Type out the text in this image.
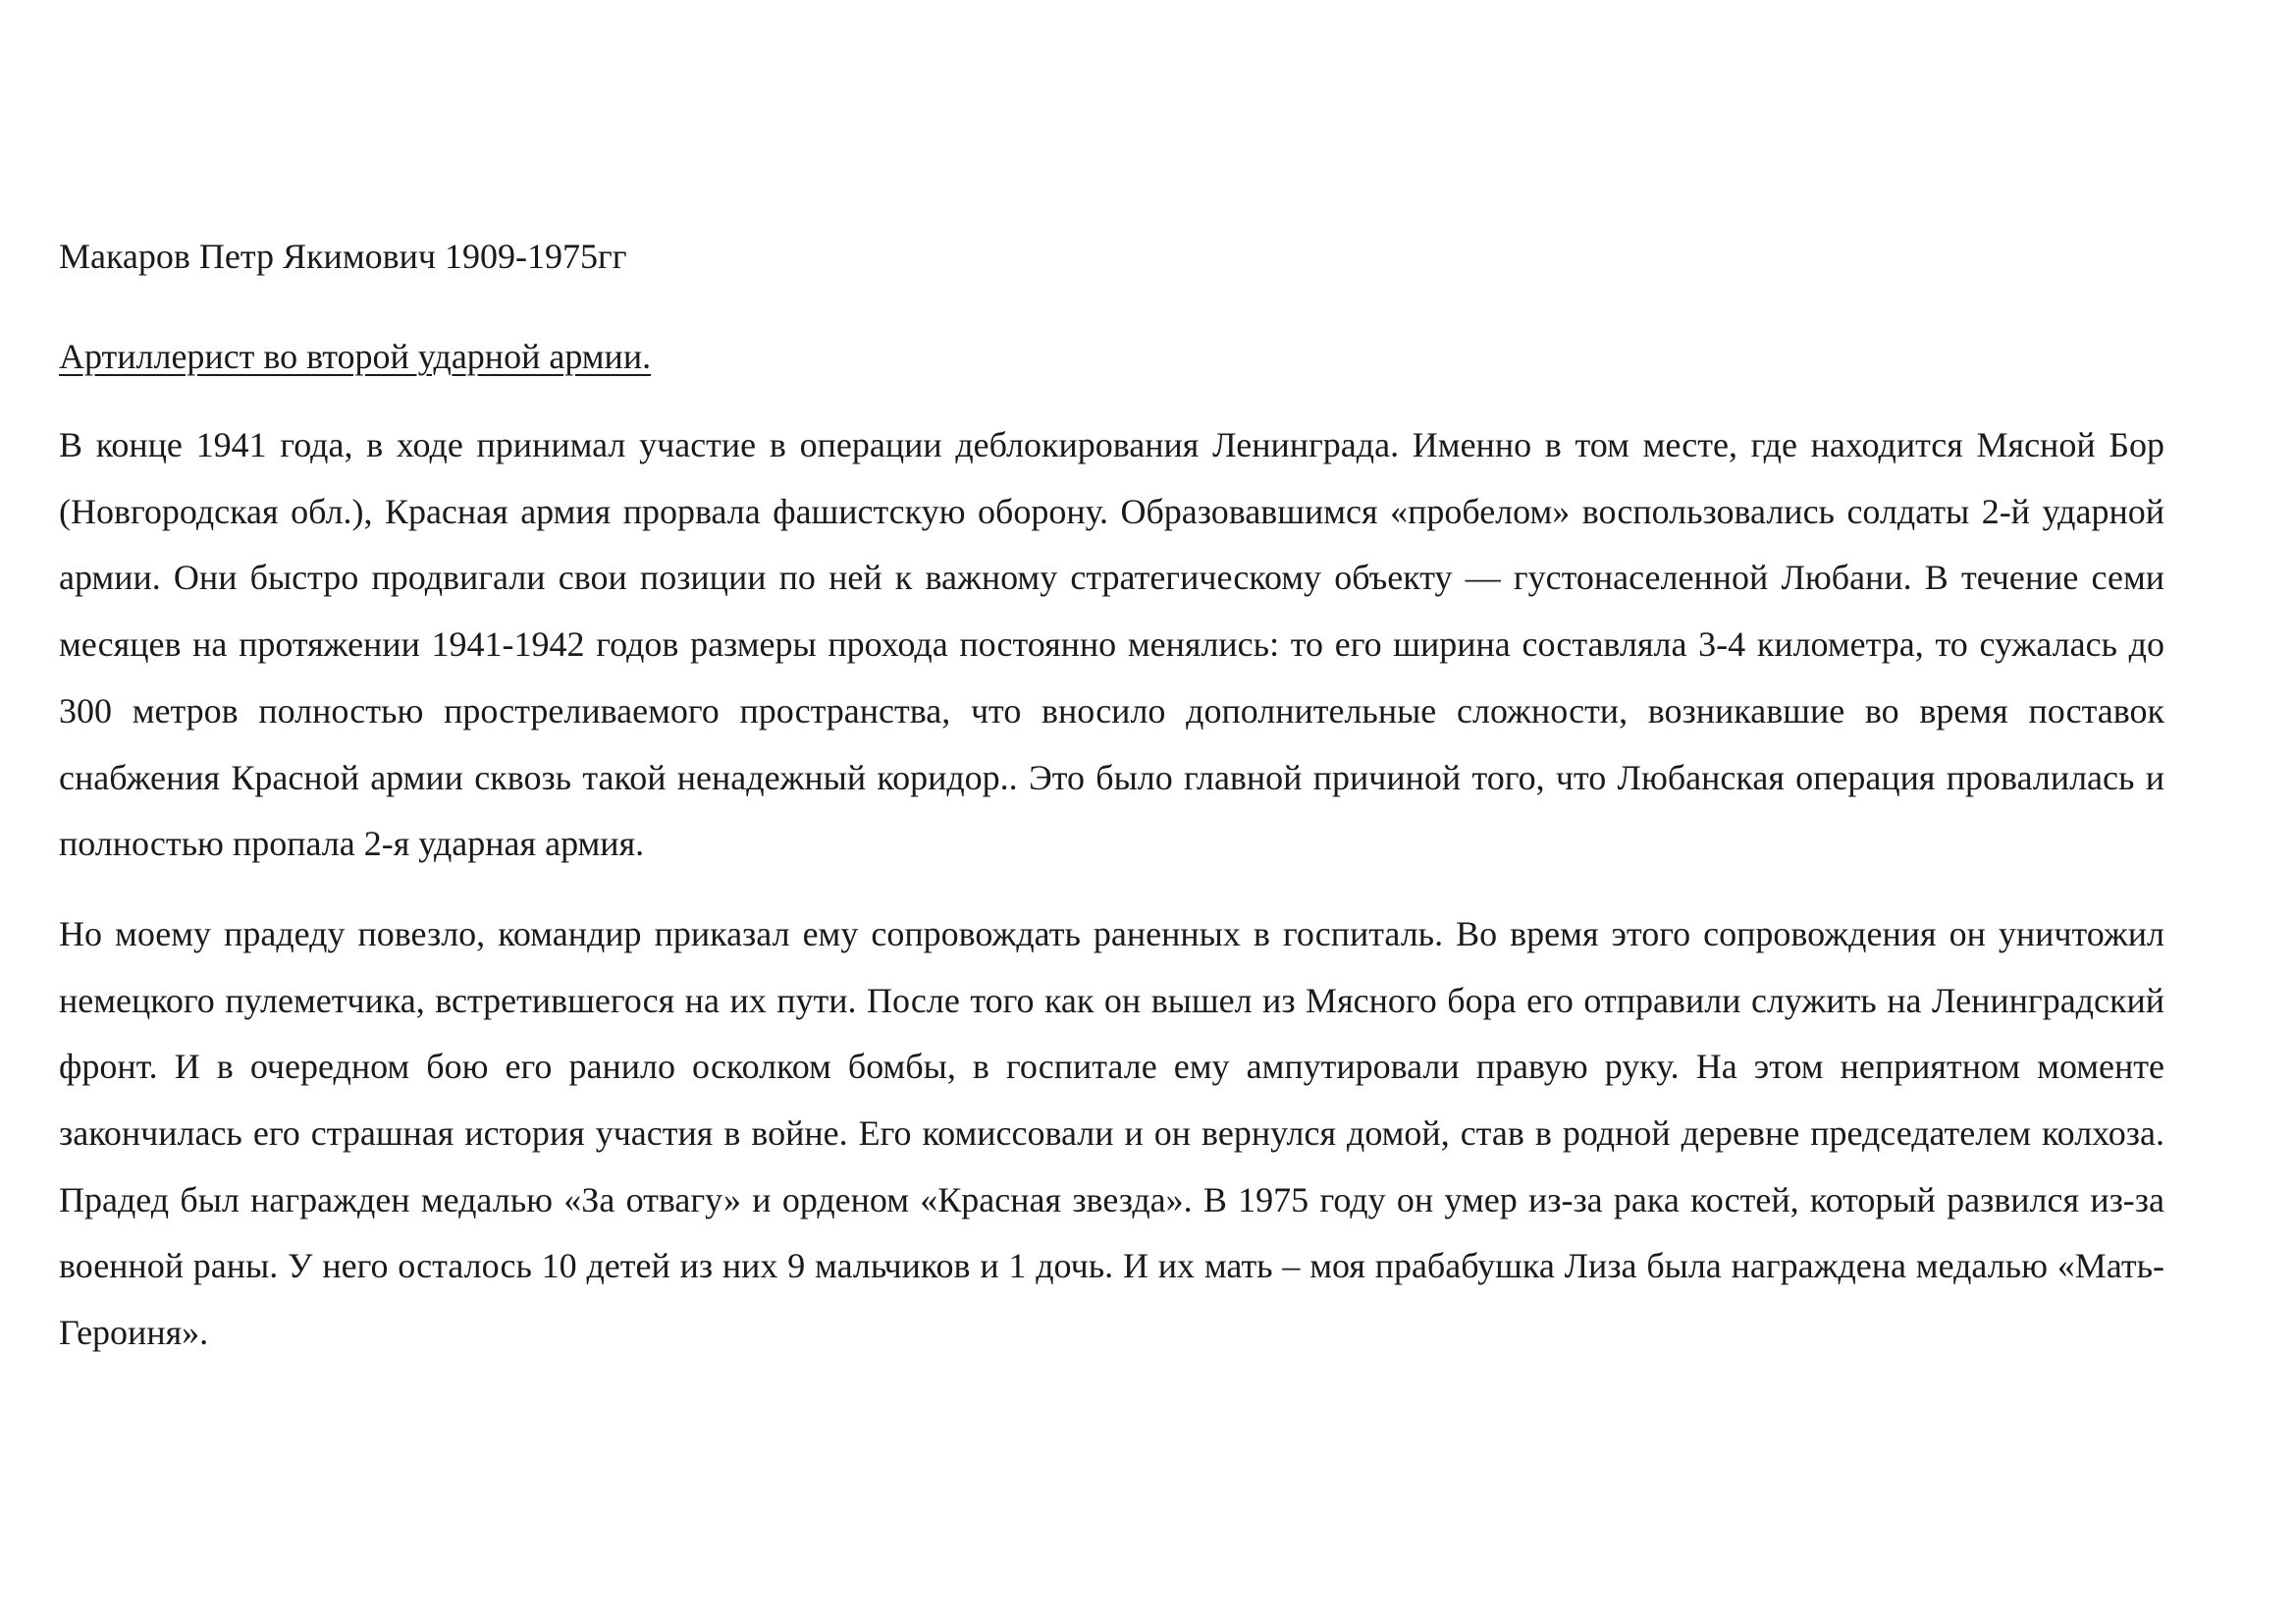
Макаров Петр Якимович 1909-1975гг

Артиллерист во второй ударной армии.

В конце 1941 года, в ходе принимал участие в операции деблокирования Ленинграда. Именно в том месте, где находится Мясной Бор (Новгородская обл.), Красная армия прорвала фашистскую оборону. Образовавшимся «пробелом» воспользовались солдаты 2-й ударной армии. Они быстро продвигали свои позиции по ней к важному стратегическому объекту — густонаселенной Любани. В течение семи месяцев на протяжении 1941-1942 годов размеры прохода постоянно менялись: то его ширина составляла 3-4 километра, то сужалась до 300 метров полностью простреливаемого пространства, что вносило дополнительные сложности, возникавшие во время поставок снабжения Красной армии сквозь такой ненадежный коридор.. Это было главной причиной того, что Любанская операция провалилась и полностью пропала 2-я ударная армия.

Но моему прадеду повезло, командир приказал ему сопровождать раненных в госпиталь. Во время этого сопровождения он уничтожил немецкого пулеметчика, встретившегося на их пути. После того как он вышел из Мясного бора его отправили служить на Ленинградский фронт. И в очередном бою его ранило осколком бомбы, в госпитале ему ампутировали правую руку. На этом неприятном моменте закончилась его страшная история участия в войне. Его комиссовали и он вернулся домой, став в родной деревне председателем колхоза. Прадед был награжден медалью «За отвагу» и орденом «Красная звезда». В 1975 году он умер из-за рака костей, который развился из-за военной раны. У него осталось 10 детей из них 9 мальчиков и 1 дочь. И их мать – моя прабабушка Лиза была награждена медалью «Мать-Героиня».
